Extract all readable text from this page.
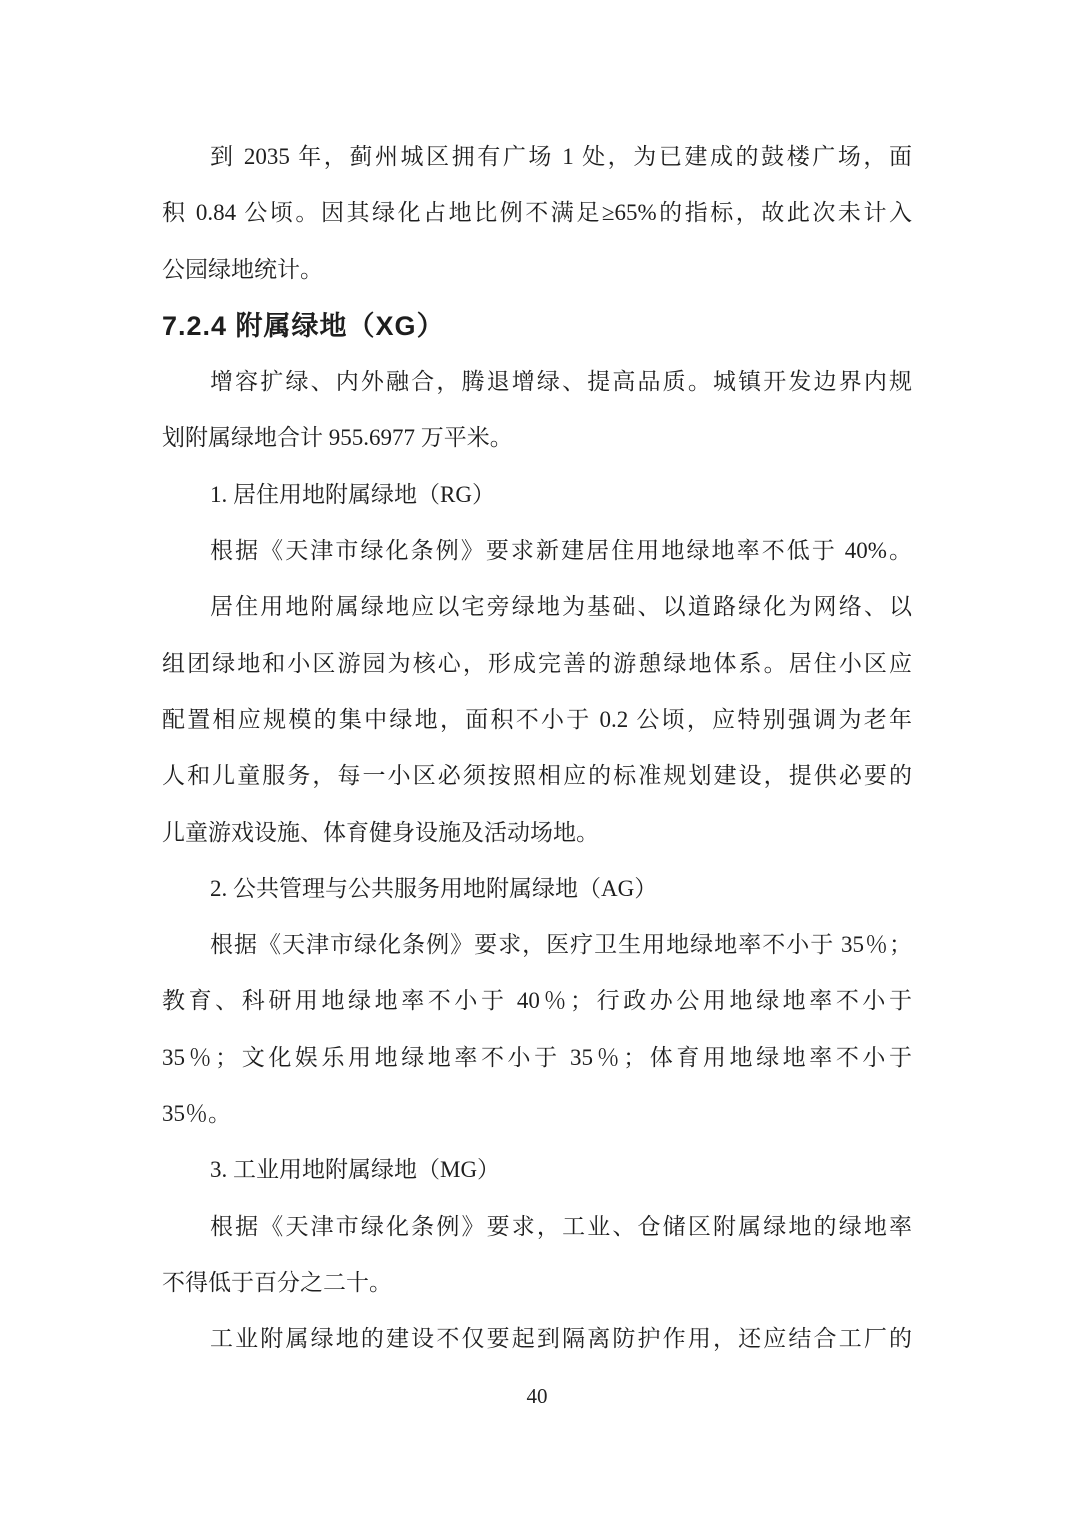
到 2035 年，蓟州城区拥有广场 1 处，为已建成的鼓楼广场，面
积 0.84 公顷。因其绿化占地比例不满足≥65%的指标，故此次未计入
公园绿地统计。
7.2.4 附属绿地（XG）
增容扩绿、内外融合，腾退增绿、提高品质。城镇开发边界内规
划附属绿地合计 955.6977 万平米。
1. 居住用地附属绿地（RG）
根据《天津市绿化条例》要求新建居住用地绿地率不低于 40%。
居住用地附属绿地应以宅旁绿地为基础、以道路绿化为网络、以
组团绿地和小区游园为核心，形成完善的游憩绿地体系。居住小区应
配置相应规模的集中绿地，面积不小于 0.2 公顷，应特别强调为老年
人和儿童服务，每一小区必须按照相应的标准规划建设，提供必要的
儿童游戏设施、体育健身设施及活动场地。
2. 公共管理与公共服务用地附属绿地（AG）
根据《天津市绿化条例》要求，医疗卫生用地绿地率不小于 35％；
教育、科研用地绿地率不小于 40％；行政办公用地绿地率不小于
35％；文化娱乐用地绿地率不小于 35％；体育用地绿地率不小于
35％。
3. 工业用地附属绿地（MG）
根据《天津市绿化条例》要求，工业、仓储区附属绿地的绿地率
不得低于百分之二十。
工业附属绿地的建设不仅要起到隔离防护作用，还应结合工厂的
40
